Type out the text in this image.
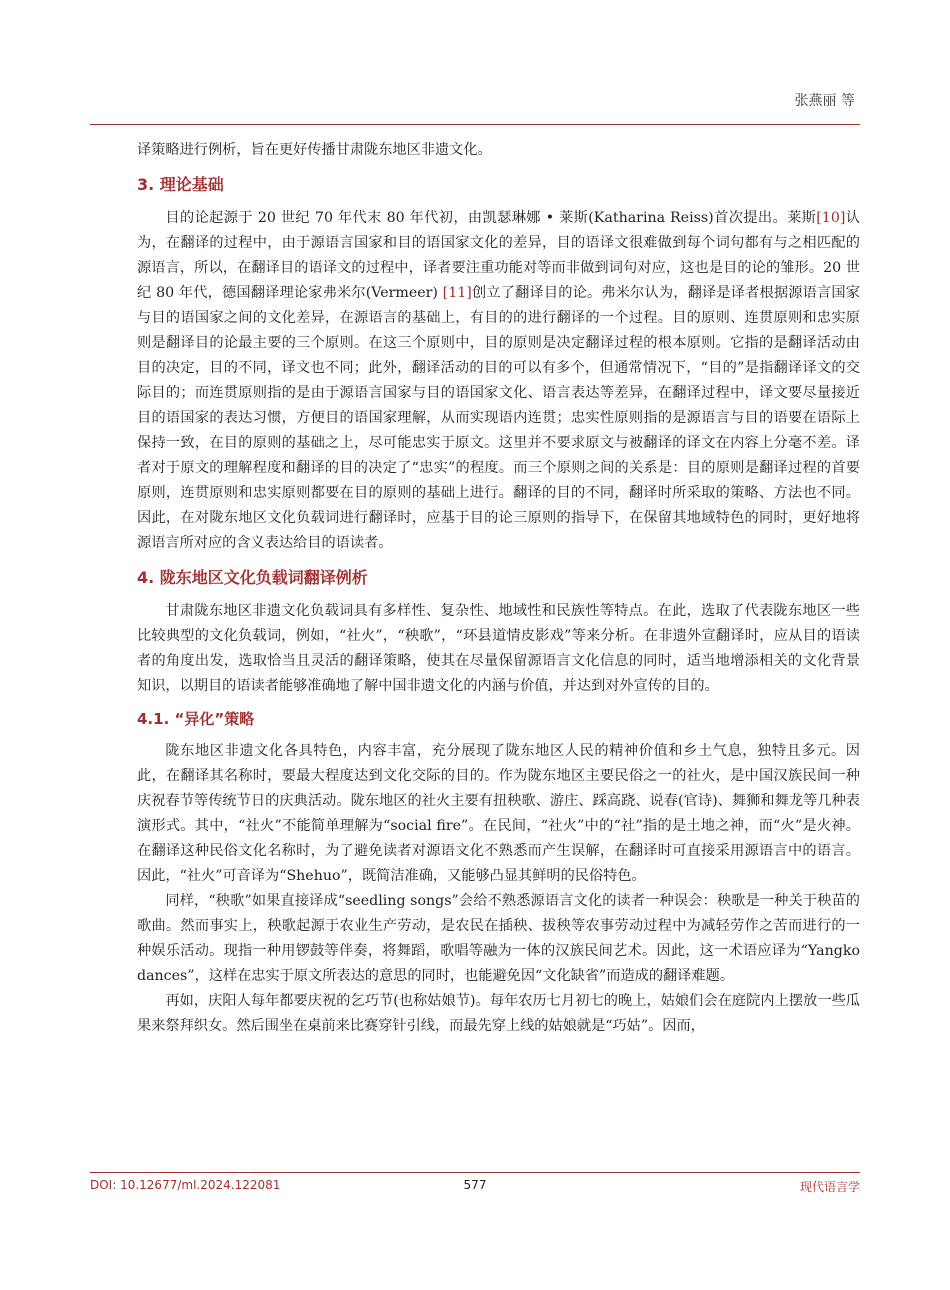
张燕丽 等

译策略进行例析，旨在更好传播甘肃陇东地区非遗文化。

3. 理论基础

目的论起源于 20 世纪 70 年代末 80 年代初，由凯瑟琳娜 • 莱斯(Katharina Reiss)首次提出。莱斯[10]认为，在翻译的过程中，由于源语言国家和目的语国家文化的差异，目的语译文很难做到每个词句都有与之相匹配的源语言，所以，在翻译目的语译文的过程中，译者要注重功能对等而非做到词句对应，这也是目的论的雏形。20 世纪 80 年代，德国翻译理论家弗米尔(Vermeer) [11]创立了翻译目的论。弗米尔认为，翻译是译者根据源语言国家与目的语国家之间的文化差异，在源语言的基础上，有目的的进行翻译的一个过程。目的原则、连贯原则和忠实原则是翻译目的论最主要的三个原则。在这三个原则中，目的原则是决定翻译过程的根本原则。它指的是翻译活动由目的决定，目的不同，译文也不同；此外，翻译活动的目的可以有多个，但通常情况下，“目的”是指翻译译文的交际目的；而连贯原则指的是由于源语言国家与目的语国家文化、语言表达等差异，在翻译过程中，译文要尽量接近目的语国家的表达习惯，方便目的语国家理解，从而实现语内连贯；忠实性原则指的是源语言与目的语要在语际上保持一致，在目的原则的基础之上，尽可能忠实于原文。这里并不要求原文与被翻译的译文在内容上分毫不差。译者对于原文的理解程度和翻译的目的决定了“忠实”的程度。而三个原则之间的关系是：目的原则是翻译过程的首要原则，连贯原则和忠实原则都要在目的原则的基础上进行。翻译的目的不同，翻译时所采取的策略、方法也不同。因此，在对陇东地区文化负载词进行翻译时，应基于目的论三原则的指导下，在保留其地域特色的同时，更好地将源语言所对应的含义表达给目的语读者。

4. 陇东地区文化负载词翻译例析

甘肃陇东地区非遗文化负载词具有多样性、复杂性、地域性和民族性等特点。在此，选取了代表陇东地区一些比较典型的文化负载词，例如，“社火”，“秧歌”，“环县道情皮影戏”等来分析。在非遗外宣翻译时，应从目的语读者的角度出发，选取恰当且灵活的翻译策略，使其在尽量保留源语言文化信息的同时，适当地增添相关的文化背景知识，以期目的语读者能够准确地了解中国非遗文化的内涵与价值，并达到对外宣传的目的。

4.1. “异化”策略

陇东地区非遗文化各具特色，内容丰富，充分展现了陇东地区人民的精神价值和乡土气息，独特且多元。因此，在翻译其名称时，要最大程度达到文化交际的目的。作为陇东地区主要民俗之一的社火，是中国汉族民间一种庆祝春节等传统节日的庆典活动。陇东地区的社火主要有扭秧歌、游庄、踩高跷、说春(官诗)、舞狮和舞龙等几种表演形式。其中，“社火”不能简单理解为“social fire”。在民间，“社火”中的“社”指的是土地之神，而“火”是火神。在翻译这种民俗文化名称时，为了避免读者对源语文化不熟悉而产生误解，在翻译时可直接采用源语言中的语言。因此，“社火”可音译为“Shehuo”，既简洁准确，又能够凸显其鲜明的民俗特色。

同样，“秧歌”如果直接译成“seedling songs”会给不熟悉源语言文化的读者一种误会：秧歌是一种关于秧苗的歌曲。然而事实上，秧歌起源于农业生产劳动，是农民在插秧、拔秧等农事劳动过程中为减轻劳作之苦而进行的一种娱乐活动。现指一种用锣鼓等伴奏，将舞蹈，歌唱等融为一体的汉族民间艺术。因此，这一术语应译为“Yangko dances”，这样在忠实于原文所表达的意思的同时，也能避免因“文化缺省”而造成的翻译难题。

再如，庆阳人每年都要庆祝的乞巧节(也称姑娘节)。每年农历七月初七的晚上，姑娘们会在庭院内上摆放一些瓜果来祭拜织女。然后围坐在桌前来比赛穿针引线，而最先穿上线的姑娘就是“巧姑”。因而，

DOI: 10.12677/ml.2024.122081	577	现代语言学
